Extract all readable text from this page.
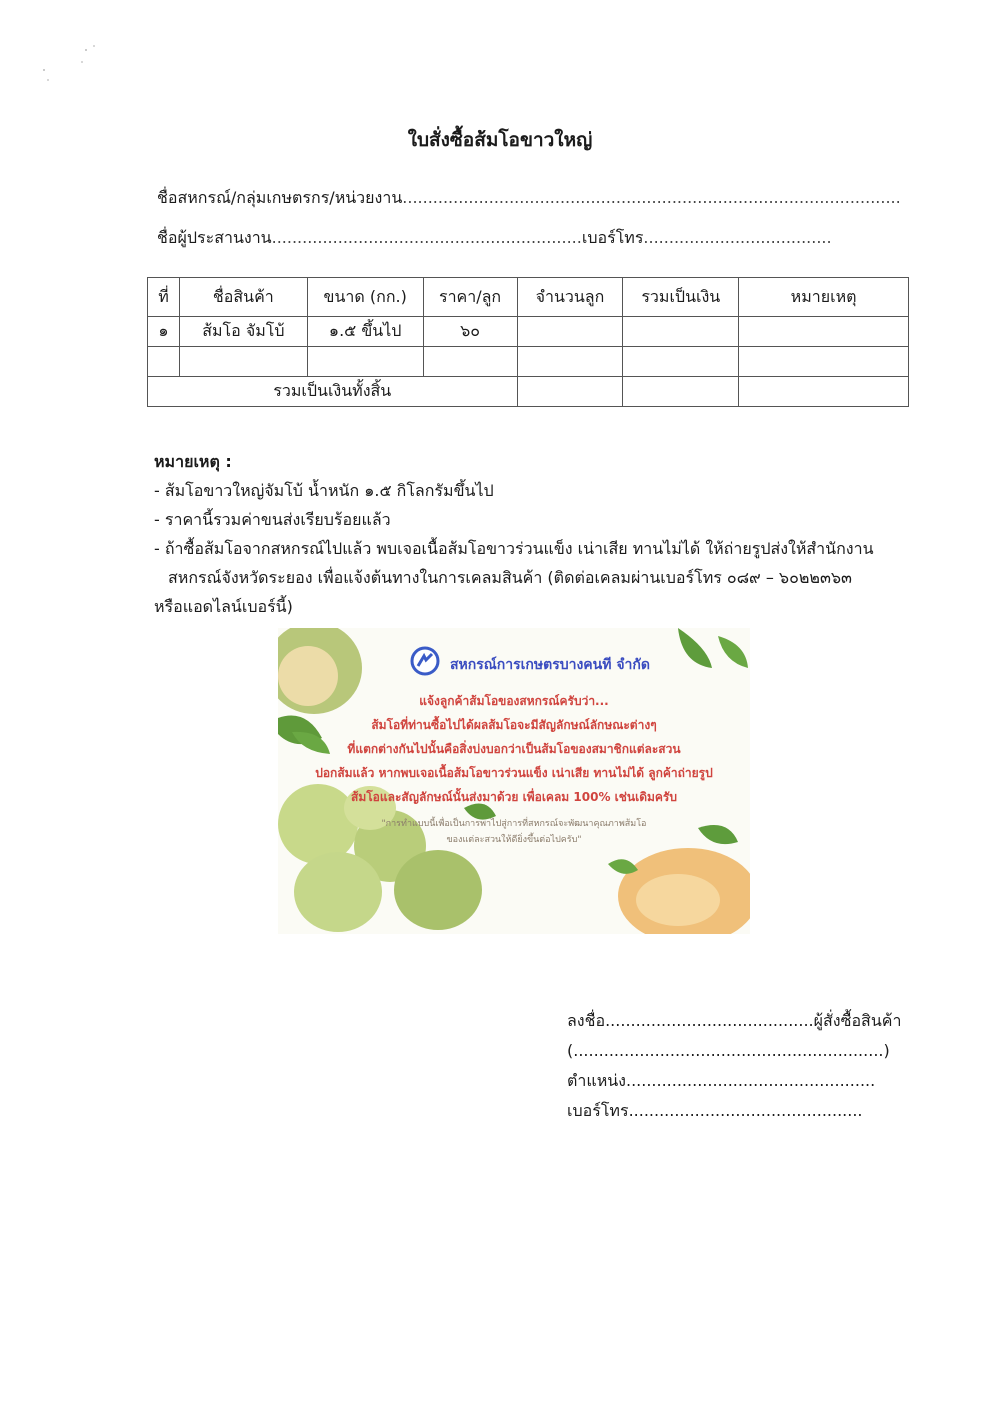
ใบสั่งซื้อส้มโอขาวใหญ่
ชื่อสหกรณ์/กลุ่มเกษตรกร/หน่วยงาน..................................................................................................
ชื่อผู้ประสานงาน.............................................................เบอร์โทร.....................................
ที่	ชื่อสินค้า	ขนาด (กก.)	ราคา/ลูก	จำนวนลูก	รวมเป็นเงิน	หมายเหตุ
๑	ส้มโอ จัมโบ้	๑.๕ ขึ้นไป	๖๐			

รวมเป็นเงินทั้งสิ้น						
หมายเหตุ :
- ส้มโอขาวใหญ่จัมโบ้ น้ำหนัก ๑.๕ กิโลกรัมขึ้นไป
- ราคานี้รวมค่าขนส่งเรียบร้อยแล้ว
- ถ้าซื้อส้มโอจากสหกรณ์ไปแล้ว พบเจอเนื้อส้มโอขาวร่วนแข็ง เน่าเสีย ทานไม่ได้ ให้ถ่ายรูปส่งให้สำนักงาน
สหกรณ์จังหวัดระยอง เพื่อแจ้งต้นทางในการเคลมสินค้า (ติดต่อเคลมผ่านเบอร์โทร ๐๘๙ – ๖๐๒๒๓๖๓
หรือแอดไลน์เบอร์นี้)
สหกรณ์การเกษตรบางคนที จำกัด
แจ้งลูกค้าส้มโอของสหกรณ์ครับว่า...
ส้มโอที่ท่านซื้อไปได้ผลส้มโอจะมีสัญลักษณ์ลักษณะต่างๆ
ที่แตกต่างกันไปนั้นคือสิ่งบ่งบอกว่าเป็นส้มโอของสมาชิกแต่ละสวน
ปอกส้มแล้ว หากพบเจอเนื้อส้มโอขาวร่วนแข็ง เน่าเสีย ทานไม่ได้ ลูกค้าถ่ายรูป
ส้มโอและสัญลักษณ์นั้นส่งมาด้วย เพื่อเคลม 100% เช่นเดิมครับ
"การทำแบบนี้เพื่อเป็นการพาไปสู่การที่สหกรณ์จะพัฒนาคุณภาพส้มโอ
ของแต่ละสวนให้ดียิ่งขึ้นต่อไปครับ"
ลงชื่อ.........................................ผู้สั่งซื้อสินค้า
(.............................................................)
ตำแหน่ง.................................................
เบอร์โทร..............................................
